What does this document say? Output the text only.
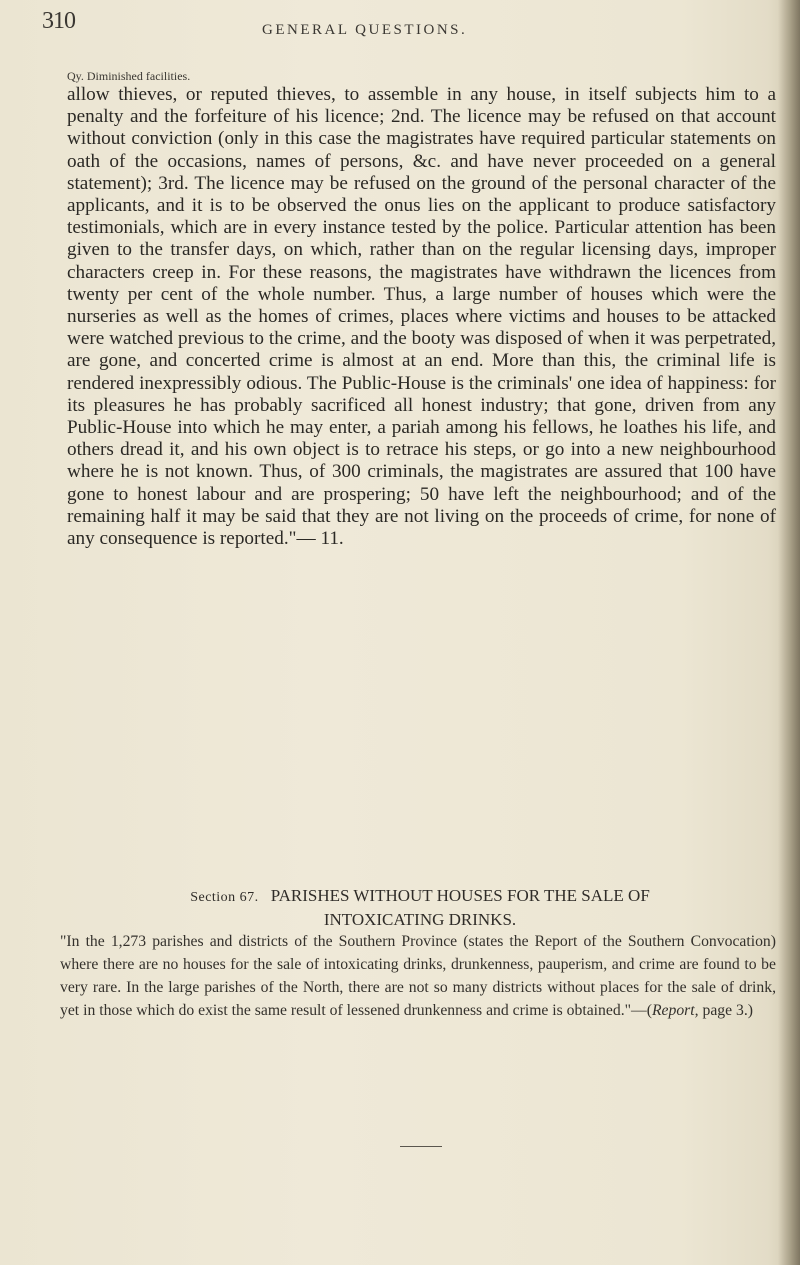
310	GENERAL QUESTIONS.
Qy. Diminished facilities.

allow thieves, or reputed thieves, to assemble in any house, in itself subjects him to a penalty and the forfeiture of his licence; 2nd. The licence may be refused on that account without conviction (only in this case the magistrates have required particular statements on oath of the occasions, names of persons, &c. and have never proceeded on a general statement); 3rd. The licence may be refused on the ground of the personal character of the applicants, and it is to be observed the onus lies on the applicant to produce satisfactory testimonials, which are in every instance tested by the police. Particular attention has been given to the transfer days, on which, rather than on the regular licensing days, improper characters creep in. For these reasons, the magistrates have withdrawn the licences from twenty per cent of the whole number. Thus, a large number of houses which were the nurseries as well as the homes of crimes, places where victims and houses to be attacked were watched previous to the crime, and the booty was disposed of when it was perpetrated, are gone, and concerted crime is almost at an end. More than this, the criminal life is rendered inexpressibly odious. The Public-House is the criminals' one idea of happiness: for its pleasures he has probably sacrificed all honest industry; that gone, driven from any Public-House into which he may enter, a pariah among his fellows, he loathes his life, and others dread it, and his own object is to retrace his steps, or go into a new neighbourhood where he is not known. Thus, of 300 criminals, the magistrates are assured that 100 have gone to honest labour and are prospering; 50 have left the neighbourhood; and of the remaining half it may be said that they are not living on the proceeds of crime, for none of any consequence is reported."— 11.

Section 67. PARISHES WITHOUT HOUSES FOR THE SALE OF
INTOXICATING DRINKS.

"In the 1,273 parishes and districts of the Southern Province (states the Report of the Southern Convocation) where there are no houses for the sale of intoxicating drinks, drunkenness, pauperism, and crime are found to be very rare. In the large parishes of the North, there are not so many districts without places for the sale of drink, yet in those which do exist the same result of lessened drunkenness and crime is obtained."—(Report, page 3.)
